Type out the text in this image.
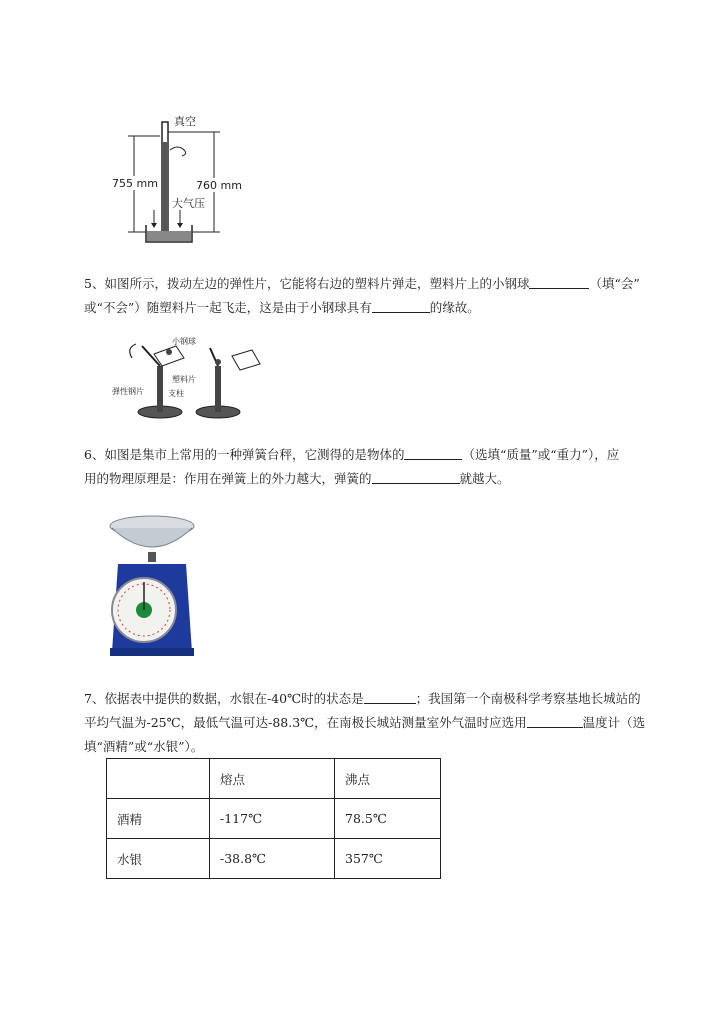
真空
755 mm	760 mm
大气压
5、如图所示，拨动左边的弹性片，它能将右边的塑料片弹走，塑料片上的小钢球	（填“会”
或“不会”）随塑料片一起飞走，这是由于小钢球具有	的缘故。
小钢球
塑料片
弹性钢片	支柱
6、如图是集市上常用的一种弹簧台秤，它测得的是物体的	（选填“质量”或“重力”），应
用的物理原理是：作用在弹簧上的外力越大，弹簧的	就越大。
7、依据表中提供的数据，水银在-40℃时的状态是	；我国第一个南极科学考察基地长城站的
平均气温为-25℃，最低气温可达-88.3℃，在南极长城站测量室外气温时应选用	温度计（选
填“酒精”或“水银”）。
	熔点	沸点
酒精	-117℃	78.5℃
水银	-38.8℃	357℃
